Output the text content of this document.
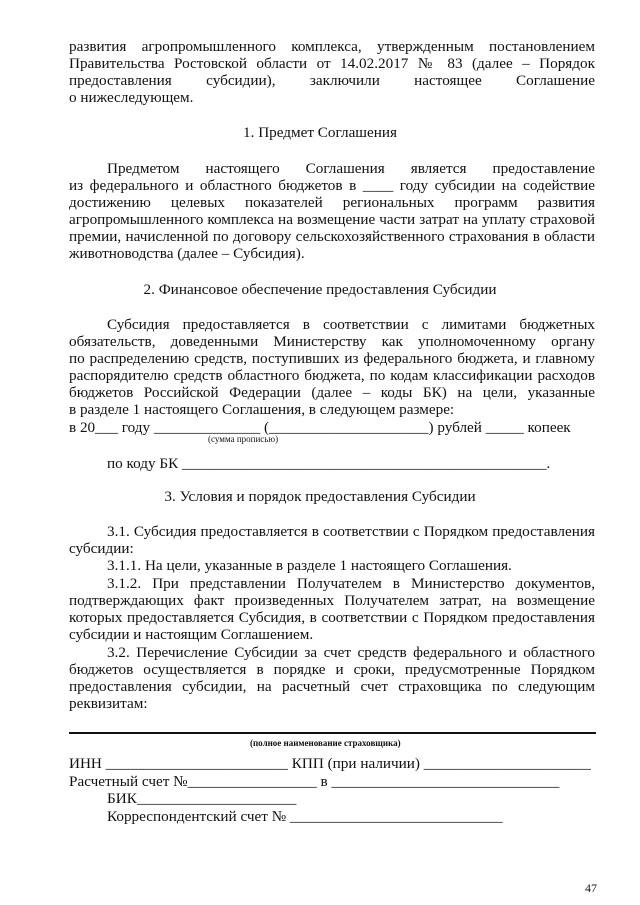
развития агропромышленного комплекса, утвержденным постановлением
Правительства Ростовской области от 14.02.2017 № 83 (далее – Порядок
предоставления субсидии), заключили настоящее Соглашение
о нижеследующем.
1. Предмет Соглашения
Предметом настоящего Соглашения является предоставление
из федерального и областного бюджетов в ____ году субсидии на содействие
достижению целевых показателей региональных программ развития
агропромышленного комплекса на возмещение части затрат на уплату страховой
премии, начисленной по договору сельскохозяйственного страхования в области
животноводства (далее – Субсидия).
2. Финансовое обеспечение предоставления Субсидии
Субсидия предоставляется в соответствии с лимитами бюджетных
обязательств, доведенными Министерству как уполномоченному органу
по распределению средств, поступивших из федерального бюджета, и главному
распорядителю средств областного бюджета, по кодам классификации расходов
бюджетов Российской Федерации (далее – коды БК) на цели, указанные
в разделе 1 настоящего Соглашения, в следующем размере:
в 20___ году ______________ (_____________________) рублей _____ копеек
(сумма прописью)
по коду БК ________________________________________________.
3. Условия и порядок предоставления Субсидии
3.1. Субсидия предоставляется в соответствии с Порядком предоставления
субсидии:
3.1.1. На цели, указанные в разделе 1 настоящего Соглашения.
3.1.2. При представлении Получателем в Министерство документов,
подтверждающих факт произведенных Получателем затрат, на возмещение
которых предоставляется Субсидия, в соответствии с Порядком предоставления
субсидии и настоящим Соглашением.
3.2. Перечисление Субсидии за счет средств федерального и областного
бюджетов осуществляется в порядке и сроки, предусмотренные Порядком
предоставления субсидии, на расчетный счет страховщика по следующим
реквизитам:
(полное наименование страховщика)
ИНН ________________________ КПП (при наличии) ______________________
Расчетный счет №_________________ в ______________________________
БИК_____________________
Корреспондентский счет № ____________________________
47
